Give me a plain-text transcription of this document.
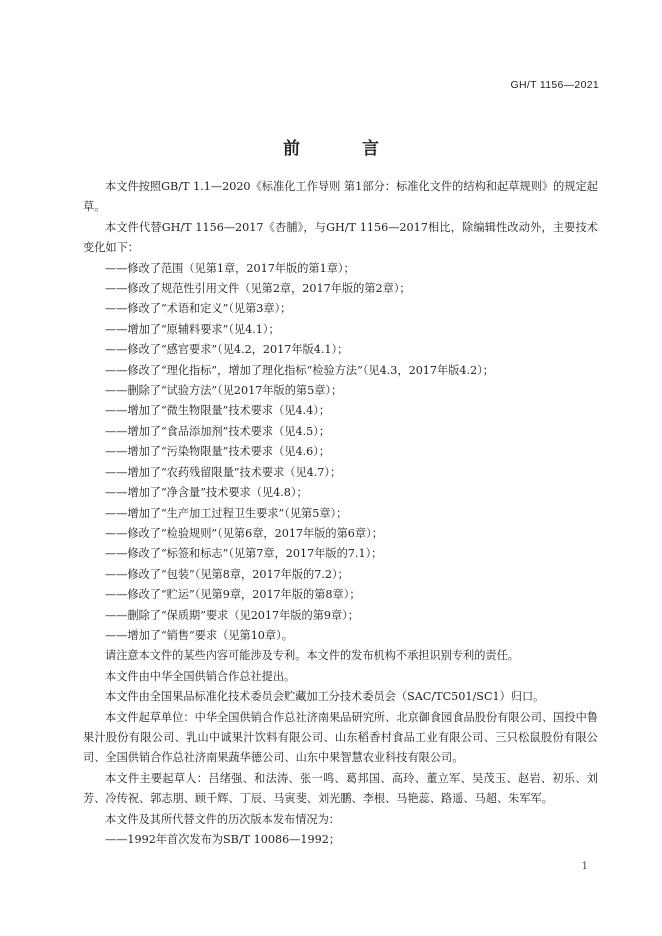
GH/T 1156—2021
前 言

本文件按照GB/T 1.1—2020《标准化工作导则 第1部分：标准化文件的结构和起草规则》的规定起草。

本文件代替GH/T 1156—2017《杏脯》，与GH/T 1156—2017相比，除编辑性改动外，主要技术变化如下：

——修改了范围（见第1章，2017年版的第1章）；

——修改了规范性引用文件（见第2章，2017年版的第2章）；

——修改了“术语和定义”（见第3章）；

——增加了“原辅料要求”（见4.1）；

——修改了“感官要求”（见4.2，2017年版4.1）；

——修改了“理化指标”，增加了理化指标“检验方法”（见4.3，2017年版4.2）；

——删除了“试验方法”（见2017年版的第5章）；

——增加了“微生物限量”技术要求（见4.4）；

——增加了“食品添加剂”技术要求（见4.5）；

——增加了“污染物限量”技术要求（见4.6）；

——增加了“农药残留限量”技术要求（见4.7）；

——增加了“净含量”技术要求（见4.8）；

——增加了“生产加工过程卫生要求”（见第5章）；

——修改了“检验规则”（见第6章，2017年版的第6章）；

——修改了“标签和标志”（见第7章，2017年版的7.1）；

——修改了“包装”（见第8章，2017年版的7.2）；

——修改了“贮运”（见第9章，2017年版的第8章）；

——删除了“保质期”要求（见2017年版的第9章）；

——增加了“销售”要求（见第10章）。

请注意本文件的某些内容可能涉及专利。本文件的发布机构不承担识别专利的责任。

本文件由中华全国供销合作总社提出。

本文件由全国果品标准化技术委员会贮藏加工分技术委员会（SAC/TC501/SC1）归口。

本文件起草单位：中华全国供销合作总社济南果品研究所、北京御食园食品股份有限公司、国投中鲁果汁股份有限公司、乳山中诚果汁饮料有限公司、山东稻香村食品工业有限公司、三只松鼠股份有限公司、全国供销合作总社济南果蔬华德公司、山东中果智慧农业科技有限公司。

本文件主要起草人：吕绪强、和法涛、张一鸣、葛邦国、高玲、董立军、吴茂玉、赵岩、初乐、刘芳、冷传祝、郭志朋、顾千辉、丁辰、马寅斐、刘光鹏、李根、马艳蕊、路遥、马超、朱军军。

本文件及其所代替文件的历次版本发布情况为：

——1992年首次发布为SB/T 10086—1992；

1
